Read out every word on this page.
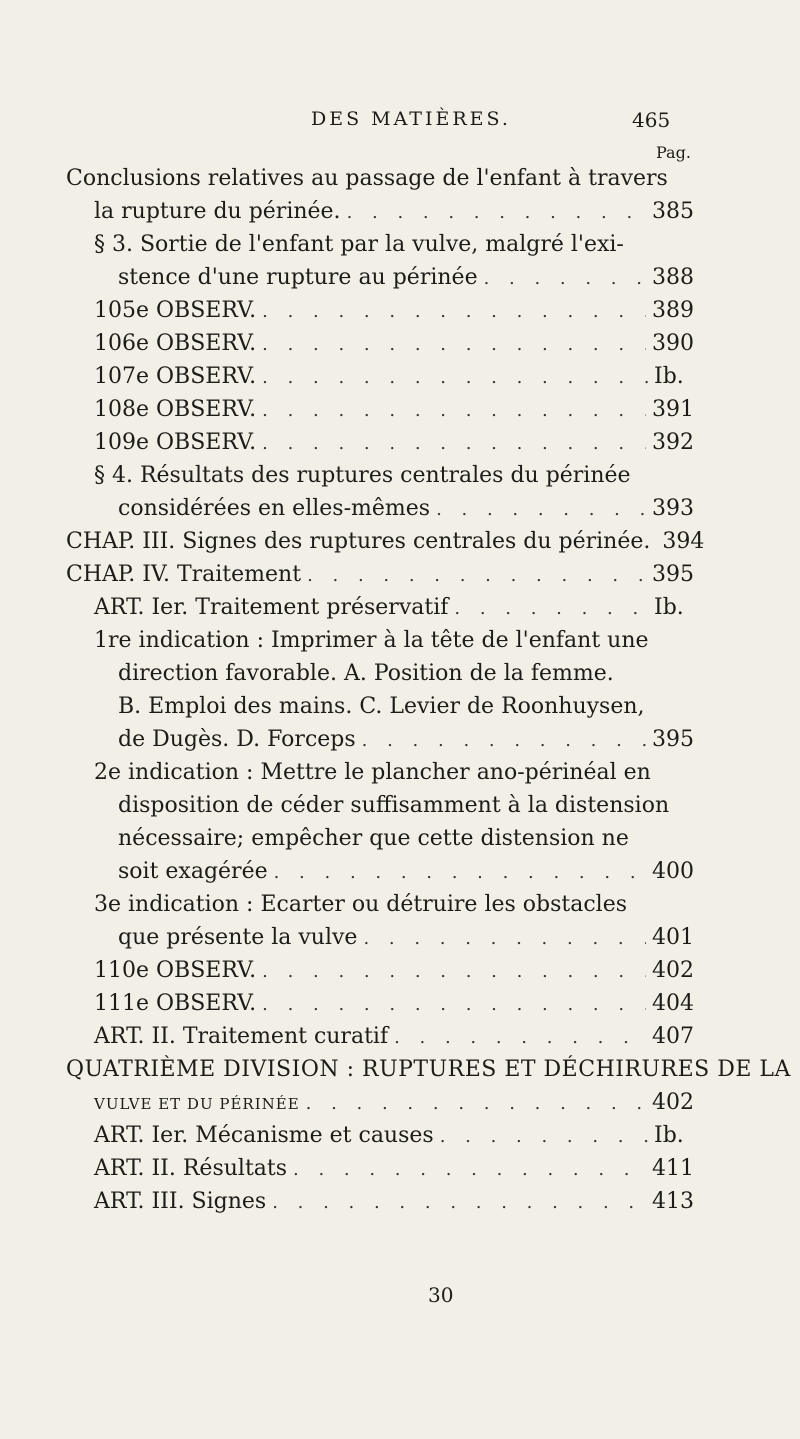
DES MATIÈRES.	465
Pag.
Conclusions relatives au passage de l'enfant à travers
la rupture du périnée. . . .	385
§ 3. Sortie de l'enfant par la vulve, malgré l'exi-
stence d'une rupture au périnée . . .	388
105e OBSERV. . . .	389
106e OBSERV. . . .	390
107e OBSERV. . . .	Ib.
108e OBSERV. . . .	391
109e OBSERV. . . .	392
§ 4. Résultats des ruptures centrales du périnée
considérées en elles-mêmes . . .	393
CHAP. III. Signes des ruptures centrales du périnée. 394
CHAP. IV. Traitement . . .	395
ART. Ier. Traitement préservatif . . .	Ib.
1re indication : Imprimer à la tête de l'enfant une
direction favorable. A. Position de la femme.
B. Emploi des mains. C. Levier de Roonhuysen,
de Dugès. D. Forceps . . .	395
2e indication : Mettre le plancher ano-périnéal en
disposition de céder suffisamment à la distension
nécessaire; empêcher que cette distension ne
soit exagérée . . .	400
3e indication : Ecarter ou détruire les obstacles
que présente la vulve . . .	401
110e OBSERV. . . .	402
111e OBSERV. . . .	404
ART. II. Traitement curatif . . .	407
QUATRIÈME DIVISION : RUPTURES ET DÉCHIRURES DE LA
VULVE ET DU PÉRINÉE . . .	402
ART. Ier. Mécanisme et causes . . .	Ib.
ART. II. Résultats . . .	411
ART. III. Signes . . .	413
30
